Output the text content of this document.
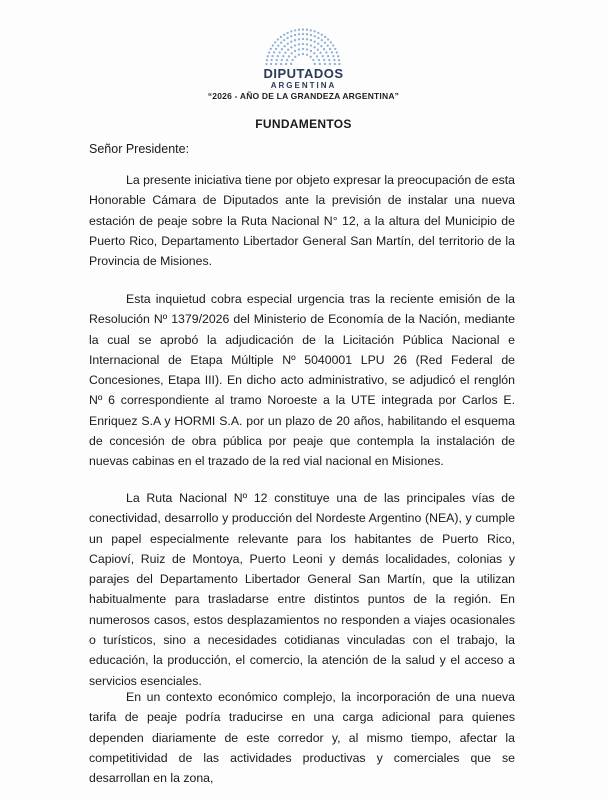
DIPUTADOS
ARGENTINA
“2026 - AÑO DE LA GRANDEZA ARGENTINA”
FUNDAMENTOS
Señor Presidente:

La presente iniciativa tiene por objeto expresar la preocupación de esta Honorable Cámara de Diputados ante la previsión de instalar una nueva estación de peaje sobre la Ruta Nacional N° 12, a la altura del Municipio de Puerto Rico, Departamento Libertador General San Martín, del territorio de la Provincia de Misiones.

Esta inquietud cobra especial urgencia tras la reciente emisión de la Resolución Nº 1379/2026 del Ministerio de Economía de la Nación, mediante la cual se aprobó la adjudicación de la Licitación Pública Nacional e Internacional de Etapa Múltiple Nº 5040001 LPU 26 (Red Federal de Concesiones, Etapa III). En dicho acto administrativo, se adjudicó el renglón Nº 6 correspondiente al tramo Noroeste a la UTE integrada por Carlos E. Enriquez S.A y HORMI S.A. por un plazo de 20 años, habilitando el esquema de concesión de obra pública por peaje que contempla la instalación de nuevas cabinas en el trazado de la red vial nacional en Misiones.

La Ruta Nacional Nº 12 constituye una de las principales vías de conectividad, desarrollo y producción del Nordeste Argentino (NEA), y cumple un papel especialmente relevante para los habitantes de Puerto Rico, Capioví, Ruiz de Montoya, Puerto Leoni y demás localidades, colonias y parajes del Departamento Libertador General San Martín, que la utilizan habitualmente para trasladarse entre distintos puntos de la región. En numerosos casos, estos desplazamientos no responden a viajes ocasionales o turísticos, sino a necesidades cotidianas vinculadas con el trabajo, la educación, la producción, el comercio, la atención de la salud y el acceso a servicios esenciales.

En un contexto económico complejo, la incorporación de una nueva tarifa de peaje podría traducirse en una carga adicional para quienes dependen diariamente de este corredor y, al mismo tiempo, afectar la competitividad de las actividades productivas y comerciales que se desarrollan en la zona,
